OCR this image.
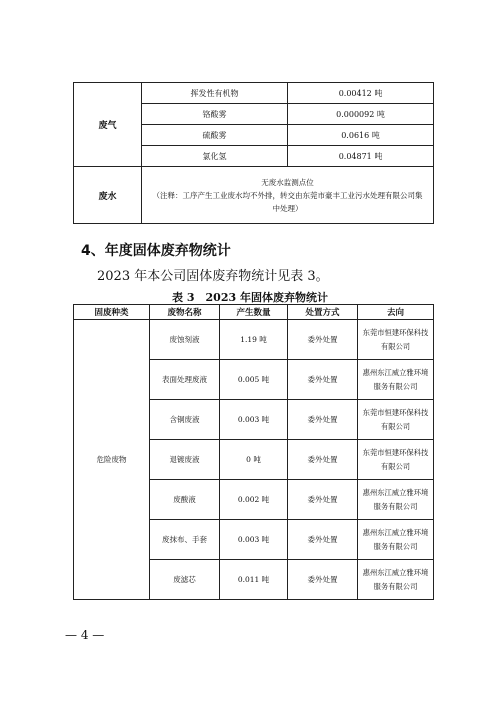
废气	挥发性有机物	0.00412 吨
	铬酸雾	0.000092 吨
	硫酸雾	0.0616 吨
	氯化氢	0.04871 吨
废水	无废水监测点位
（注释：工序产生工业废水均不外排，转交由东莞市豪丰工业污水处理有限公司集中处理）	
4、年度固体废弃物统计
2023 年本公司固体废弃物统计见表 3。
表 3　2023 年固体废弃物统计
固废种类	废物名称	产生数量	处置方式	去向
危险废物	废蚀刻液	1.19 吨	委外处置	东莞市恒建环保科技有限公司
	表面处理废液	0.005 吨	委外处置	惠州东江威立雅环境服务有限公司
	含铜废液	0.003 吨	委外处置	东莞市恒建环保科技有限公司
	退镀废液	0 吨	委外处置	东莞市恒建环保科技有限公司
	废酸液	0.002 吨	委外处置	惠州东江威立雅环境服务有限公司
	废抹布、手套	0.003 吨	委外处置	惠州东江威立雅环境服务有限公司
	废滤芯	0.011 吨	委外处置	惠州东江威立雅环境服务有限公司
— 4 —
